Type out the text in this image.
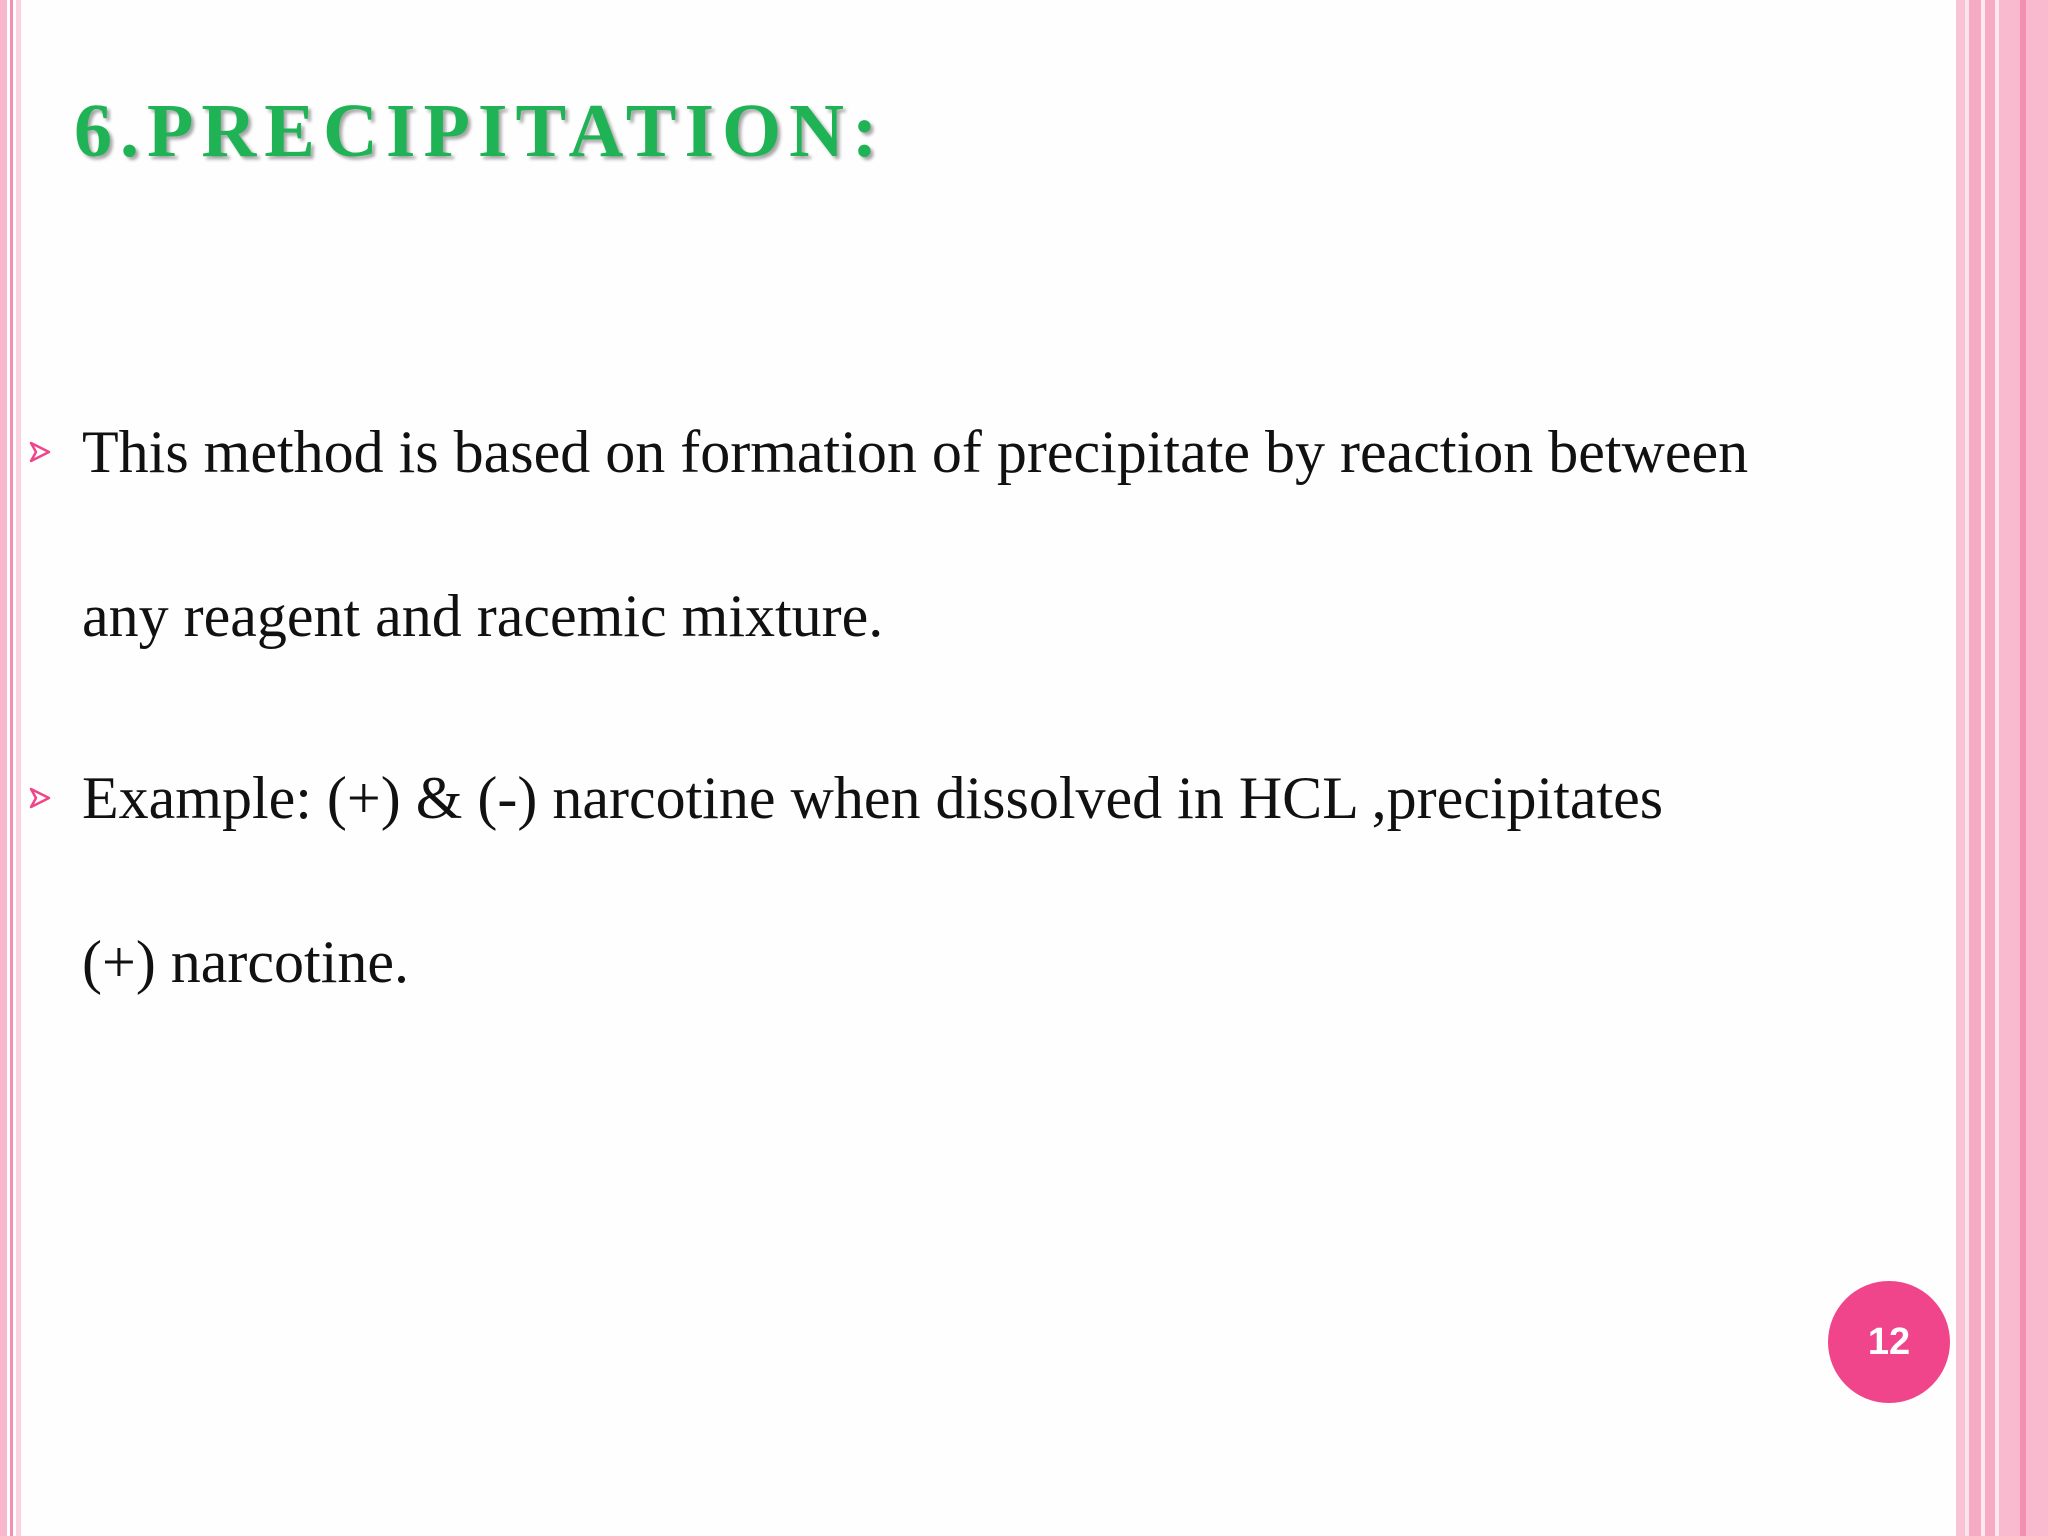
6.PRECIPITATION:
This method is based on formation of precipitate by reaction between
any reagent and racemic mixture.
Example: (+) & (-) narcotine when dissolved in HCL ,precipitates
(+) narcotine.
12
